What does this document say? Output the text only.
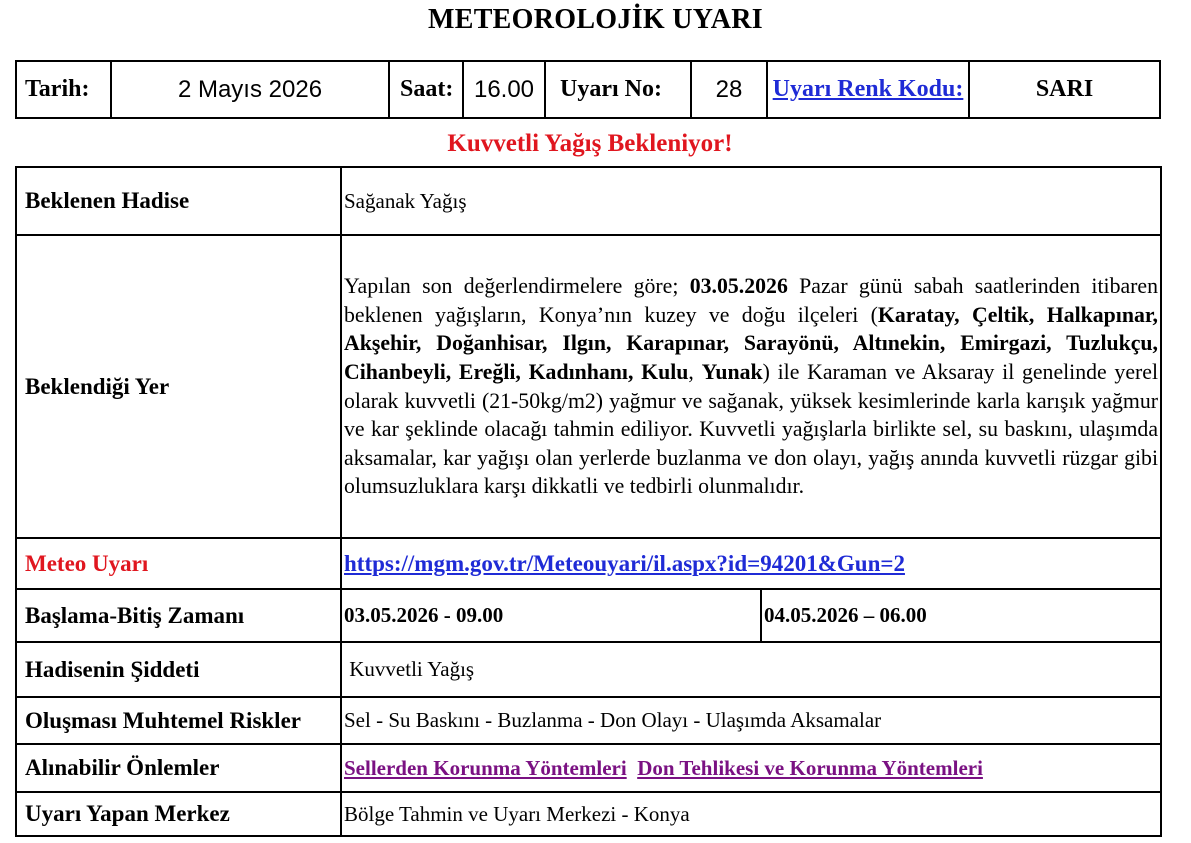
METEOROLOJİK UYARI
Tarih:	2 Mayıs 2026	Saat:	16.00	Uyarı No:	28	Uyarı Renk Kodu:	SARI
Kuvvetli Yağış Bekleniyor!
Beklenen Hadise	Sağanak Yağış	
Beklendiği Yer	Yapılan son değerlendirmelere göre; 03.05.2026 Pazar günü sabah saatlerinden itibaren beklenen yağışların, Konya’nın kuzey ve doğu ilçeleri (Karatay, Çeltik, Halkapınar, Akşehir, Doğanhisar, Ilgın, Karapınar, Sarayönü, Altınekin, Emirgazi, Tuzlukçu, Cihanbeyli, Ereğli, Kadınhanı, Kulu, Yunak) ile Karaman ve Aksaray il genelinde yerel olarak kuvvetli (21-50kg/m2) yağmur ve sağanak, yüksek kesimlerinde karla karışık yağmur ve kar şeklinde olacağı tahmin ediliyor. Kuvvetli yağışlarla birlikte sel, su baskını, ulaşımda aksamalar, kar yağışı olan yerlerde buzlanma ve don olayı, yağış anında kuvvetli rüzgar gibi olumsuzluklara karşı dikkatli ve tedbirli olunmalıdır.	

Meteo Uyarı	https://mgm.gov.tr/Meteouyari/il.aspx?id=94201&Gun=2	
Başlama-Bitiş Zamanı	03.05.2026 - 09.00	04.05.2026 – 06.00
Hadisenin Şiddeti	Kuvvetli Yağış	
Oluşması Muhtemel Riskler	Sel - Su Baskını - Buzlanma - Don Olayı - Ulaşımda Aksamalar	
Alınabilir Önlemler	Sellerden Korunma Yöntemleri Don Tehlikesi ve Korunma Yöntemleri	
Uyarı Yapan Merkez	Bölge Tahmin ve Uyarı Merkezi - Konya	
